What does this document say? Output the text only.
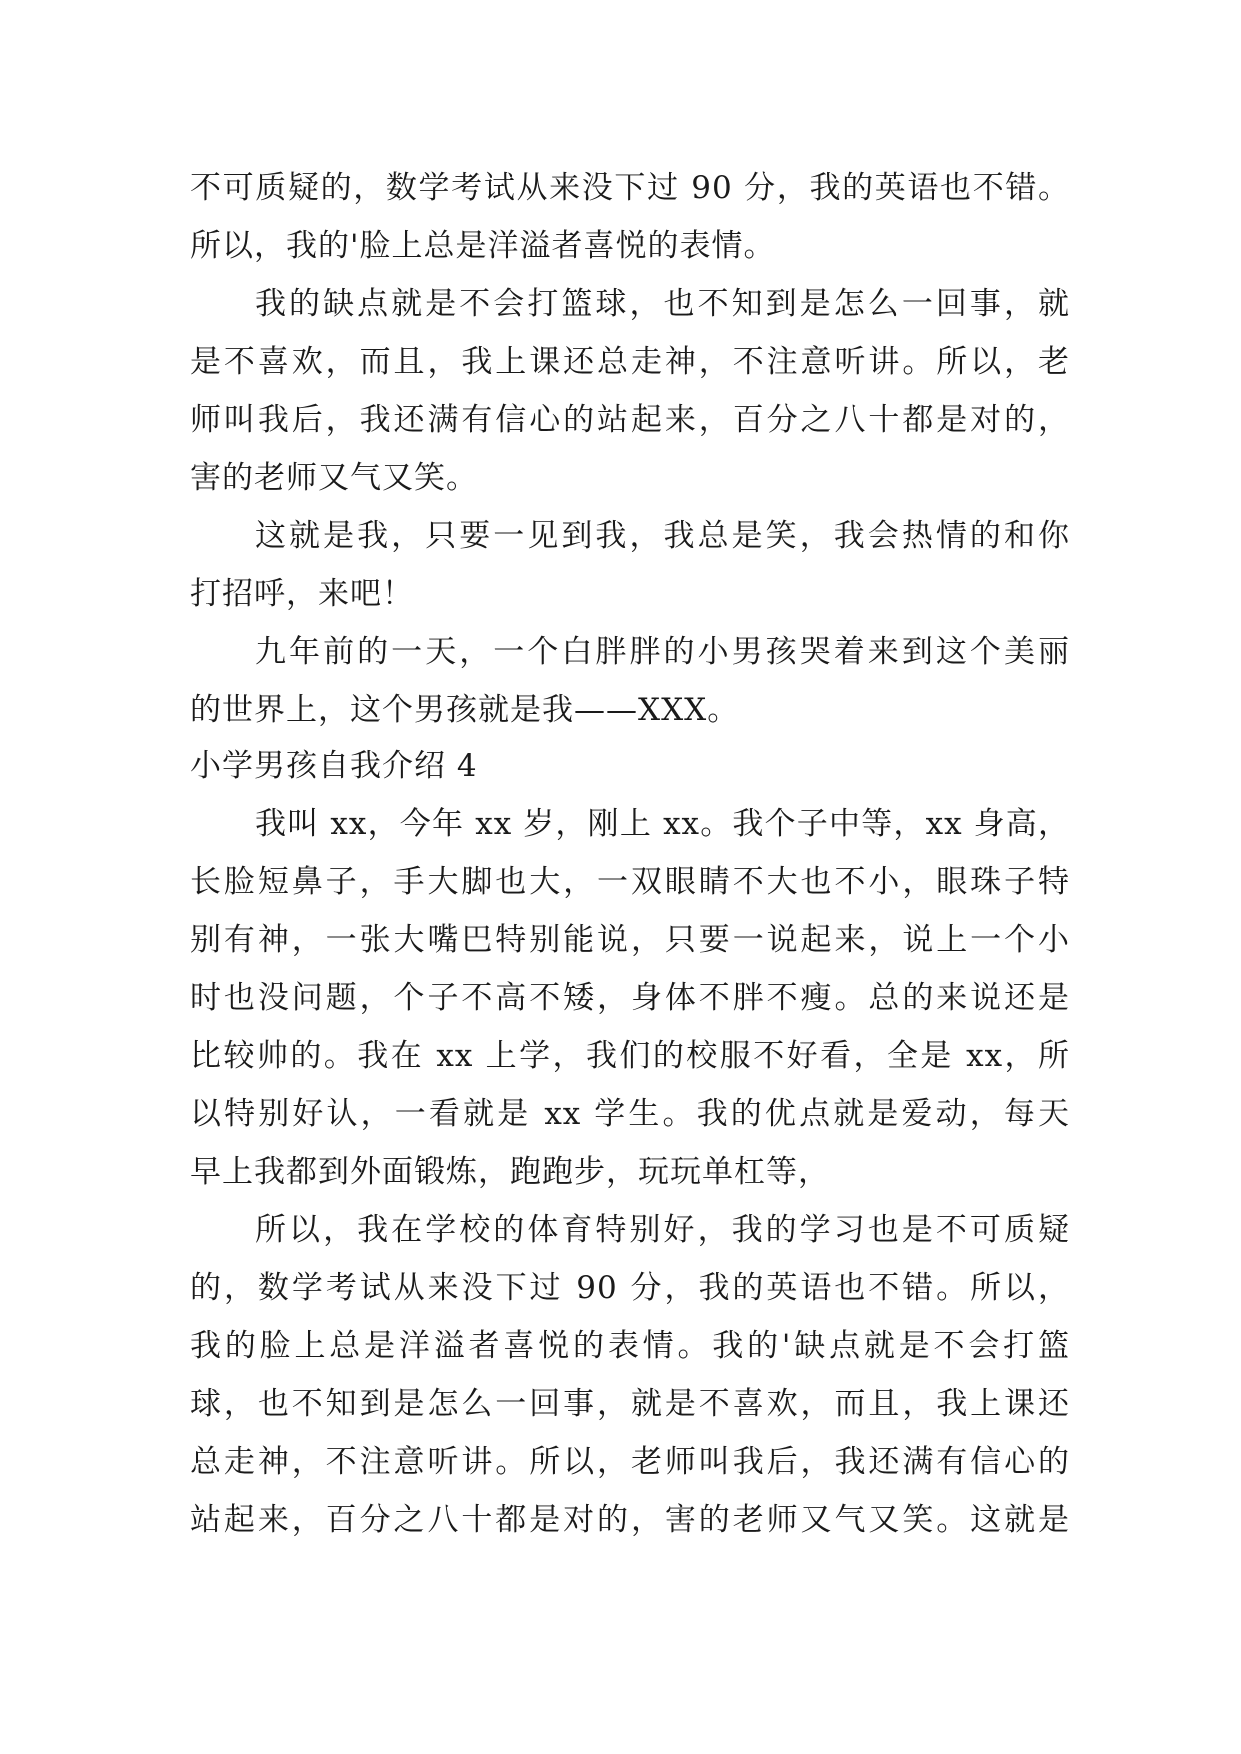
不可质疑的，数学考试从来没下过 90 分，我的英语也不错。

所以，我的'脸上总是洋溢者喜悦的表情。

我的缺点就是不会打篮球，也不知到是怎么一回事，就

是不喜欢，而且，我上课还总走神，不注意听讲。所以，老

师叫我后，我还满有信心的站起来，百分之八十都是对的，

害的老师又气又笑。

这就是我，只要一见到我，我总是笑，我会热情的和你

打招呼，来吧！

九年前的一天，一个白胖胖的小男孩哭着来到这个美丽

的世界上，这个男孩就是我——XXX。

小学男孩自我介绍 4

我叫 xx，今年 xx 岁，刚上 xx。我个子中等，xx 身高，

长脸短鼻子，手大脚也大，一双眼睛不大也不小，眼珠子特

别有神，一张大嘴巴特别能说，只要一说起来，说上一个小

时也没问题，个子不高不矮，身体不胖不瘦。总的来说还是

比较帅的。我在 xx 上学，我们的校服不好看，全是 xx，所

以特别好认，一看就是 xx 学生。我的优点就是爱动，每天

早上我都到外面锻炼，跑跑步，玩玩单杠等，

所以，我在学校的体育特别好，我的学习也是不可质疑

的，数学考试从来没下过 90 分，我的英语也不错。所以，

我的脸上总是洋溢者喜悦的表情。我的'缺点就是不会打篮

球，也不知到是怎么一回事，就是不喜欢，而且，我上课还

总走神，不注意听讲。所以，老师叫我后，我还满有信心的

站起来，百分之八十都是对的，害的老师又气又笑。这就是
